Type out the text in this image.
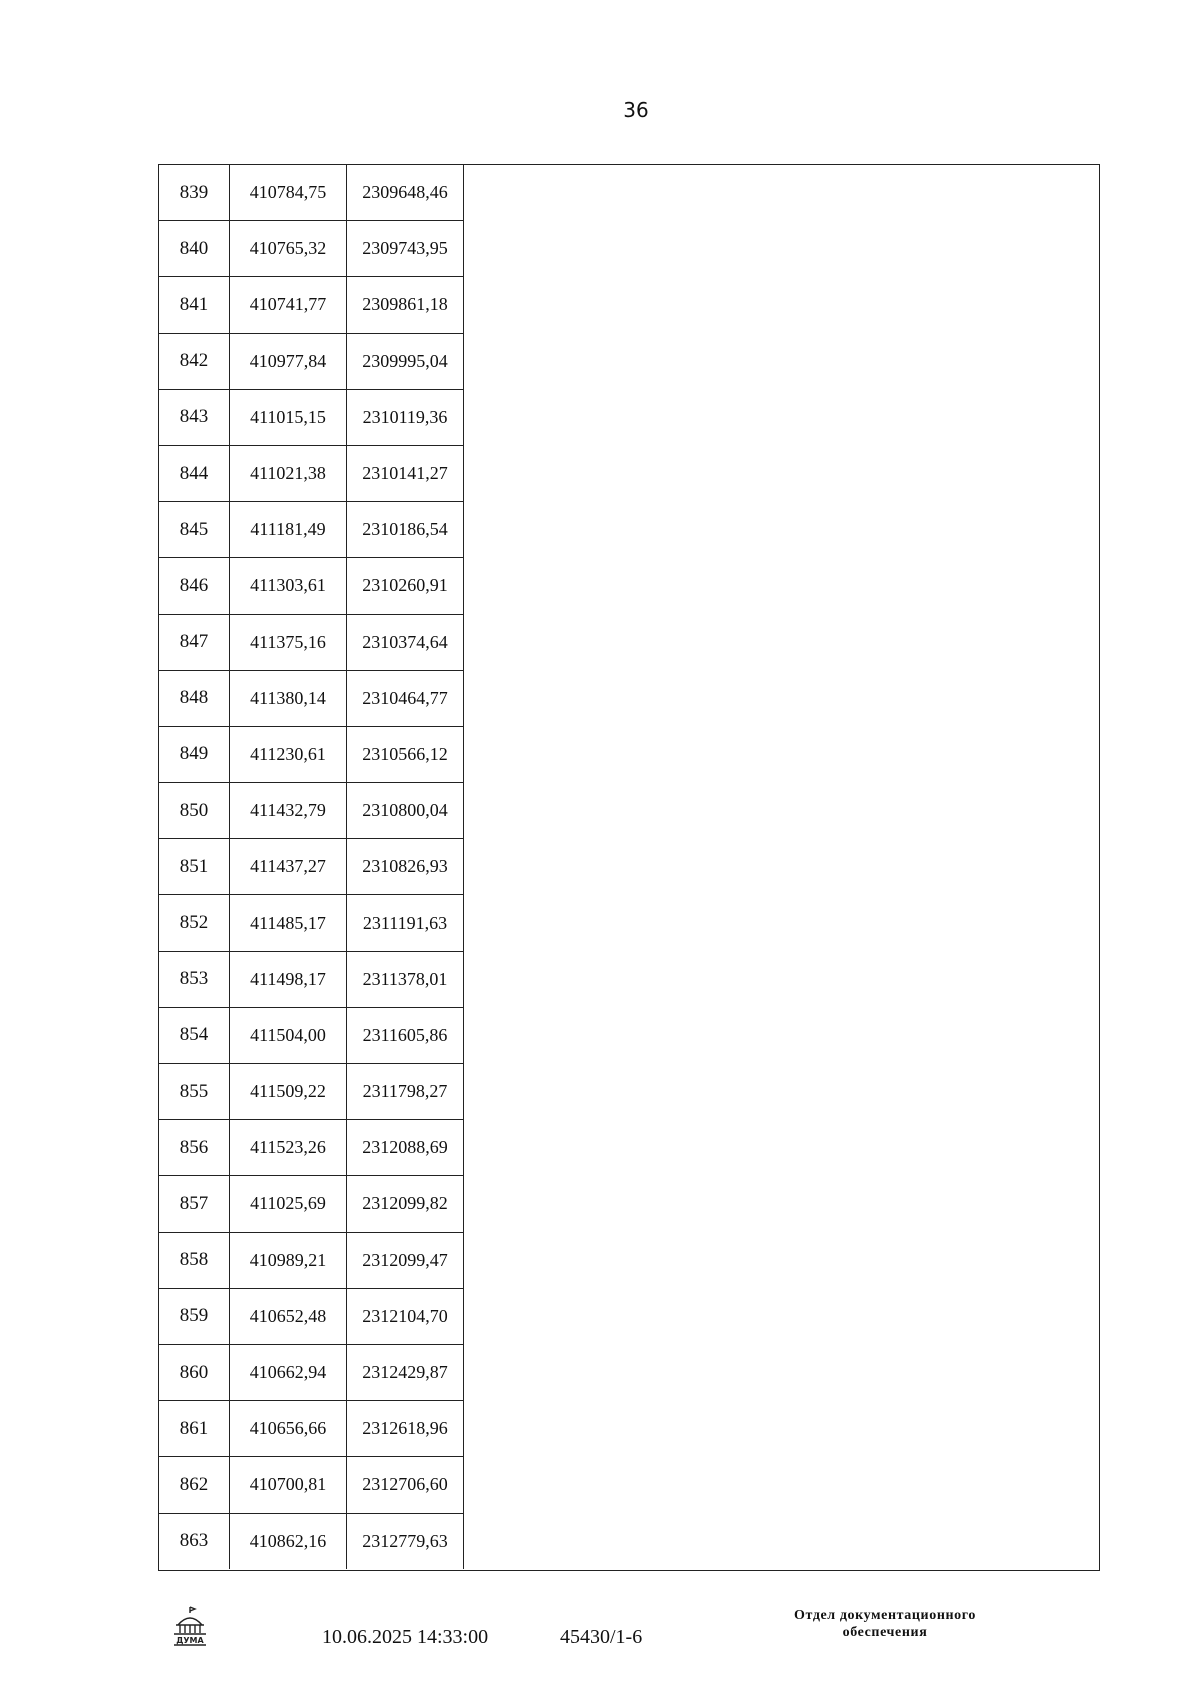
36
839	410784,75	2309648,46
840	410765,32	2309743,95
841	410741,77	2309861,18
842	410977,84	2309995,04
843	411015,15	2310119,36
844	411021,38	2310141,27
845	411181,49	2310186,54
846	411303,61	2310260,91
847	411375,16	2310374,64
848	411380,14	2310464,77
849	411230,61	2310566,12
850	411432,79	2310800,04
851	411437,27	2310826,93
852	411485,17	2311191,63
853	411498,17	2311378,01
854	411504,00	2311605,86
855	411509,22	2311798,27
856	411523,26	2312088,69
857	411025,69	2312099,82
858	410989,21	2312099,47
859	410652,48	2312104,70
860	410662,94	2312429,87
861	410656,66	2312618,96
862	410700,81	2312706,60
863	410862,16	2312779,63
ДУМА	10.06.2025 14:33:00	45430/1-6
Отдел документационного
обеспечения
